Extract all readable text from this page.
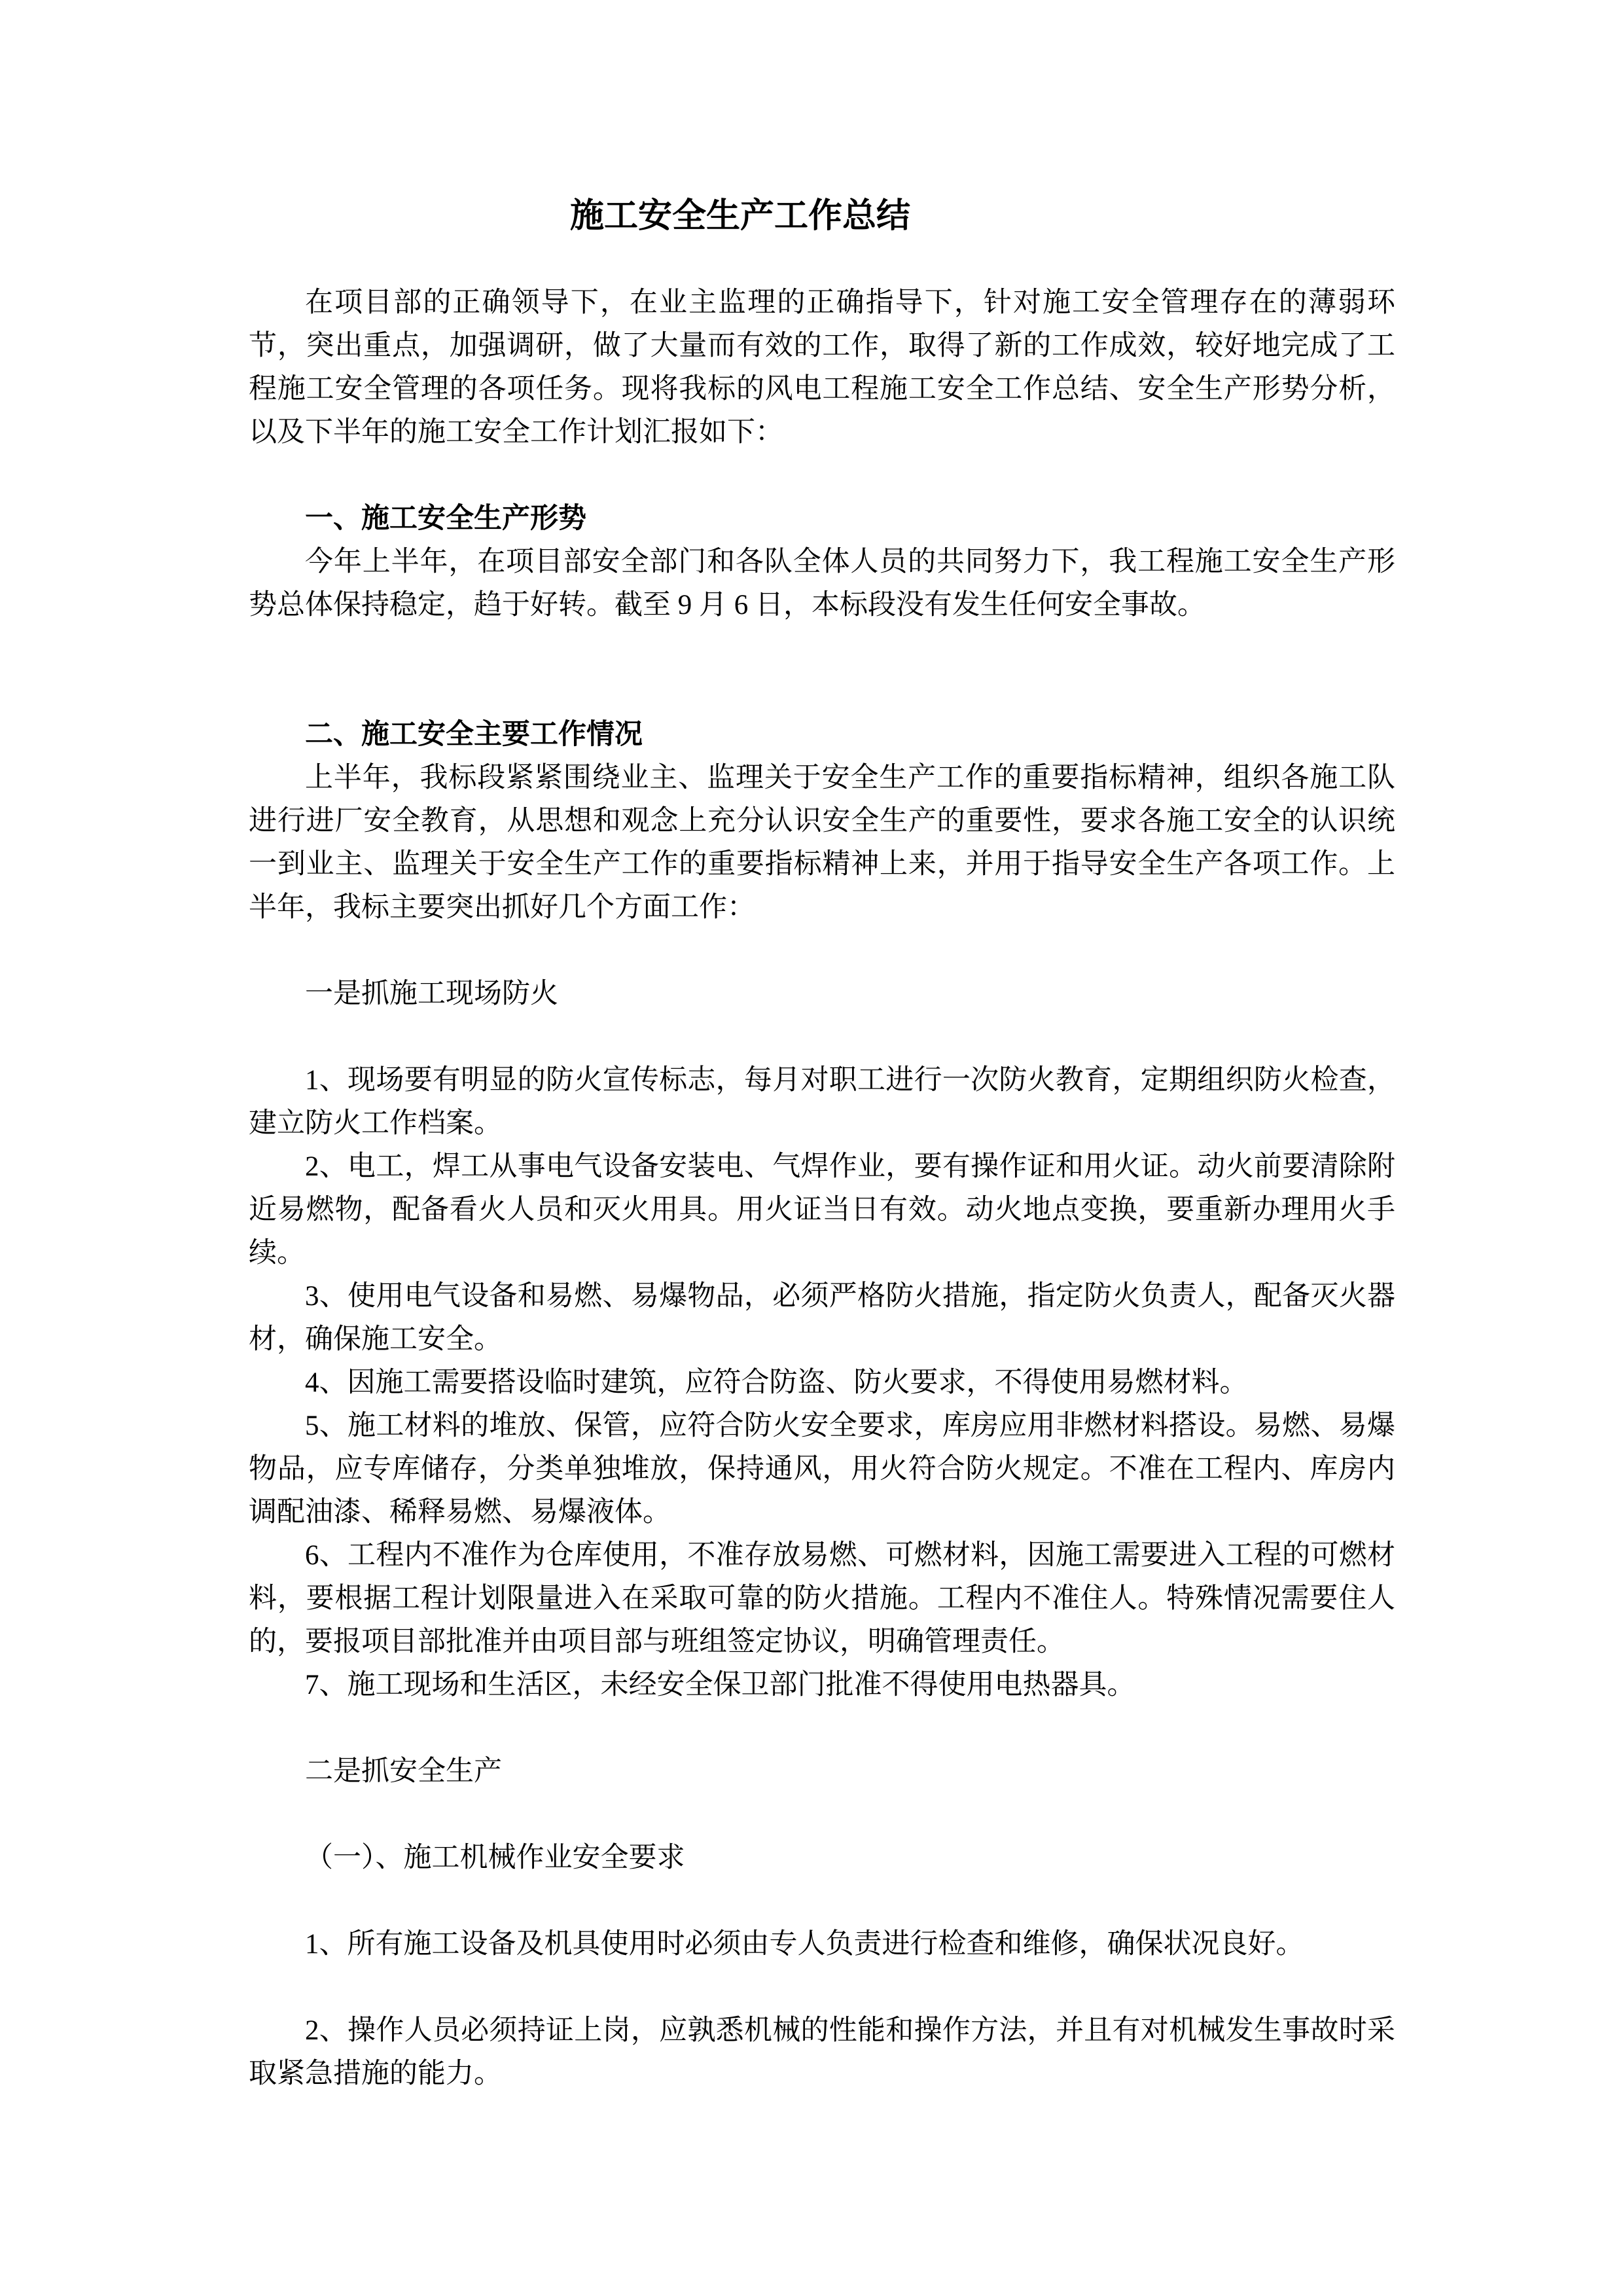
施工安全生产工作总结

在项目部的正确领导下，在业主监理的正确指导下，针对施工安全管理存在的薄弱环节，突出重点，加强调研，做了大量而有效的工作，取得了新的工作成效，较好地完成了工程施工安全管理的各项任务。现将我标的风电工程施工安全工作总结、安全生产形势分析，以及下半年的施工安全工作计划汇报如下：

一、施工安全生产形势

今年上半年，在项目部安全部门和各队全体人员的共同努力下，我工程施工安全生产形势总体保持稳定，趋于好转。截至 9 月 6 日，本标段没有发生任何安全事故。

二、施工安全主要工作情况

上半年，我标段紧紧围绕业主、监理关于安全生产工作的重要指标精神，组织各施工队进行进厂安全教育，从思想和观念上充分认识安全生产的重要性，要求各施工安全的认识统一到业主、监理关于安全生产工作的重要指标精神上来，并用于指导安全生产各项工作。上半年，我标主要突出抓好几个方面工作：

一是抓施工现场防火

1、现场要有明显的防火宣传标志，每月对职工进行一次防火教育，定期组织防火检查，建立防火工作档案。

2、电工，焊工从事电气设备安装电、气焊作业，要有操作证和用火证。动火前要清除附近易燃物，配备看火人员和灭火用具。用火证当日有效。动火地点变换，要重新办理用火手续。

3、使用电气设备和易燃、易爆物品，必须严格防火措施，指定防火负责人，配备灭火器材，确保施工安全。

4、因施工需要搭设临时建筑，应符合防盗、防火要求，不得使用易燃材料。

5、施工材料的堆放、保管，应符合防火安全要求，库房应用非燃材料搭设。易燃、易爆物品，应专库储存，分类单独堆放，保持通风，用火符合防火规定。不准在工程内、库房内调配油漆、稀释易燃、易爆液体。

6、工程内不准作为仓库使用，不准存放易燃、可燃材料，因施工需要进入工程的可燃材料，要根据工程计划限量进入在采取可靠的防火措施。工程内不准住人。特殊情况需要住人的，要报项目部批准并由项目部与班组签定协议，明确管理责任。

7、施工现场和生活区，未经安全保卫部门批准不得使用电热器具。

二是抓安全生产

（一）、施工机械作业安全要求

1、所有施工设备及机具使用时必须由专人负责进行检查和维修，确保状况良好。

2、操作人员必须持证上岗，应孰悉机械的性能和操作方法，并且有对机械发生事故时采取紧急措施的能力。
